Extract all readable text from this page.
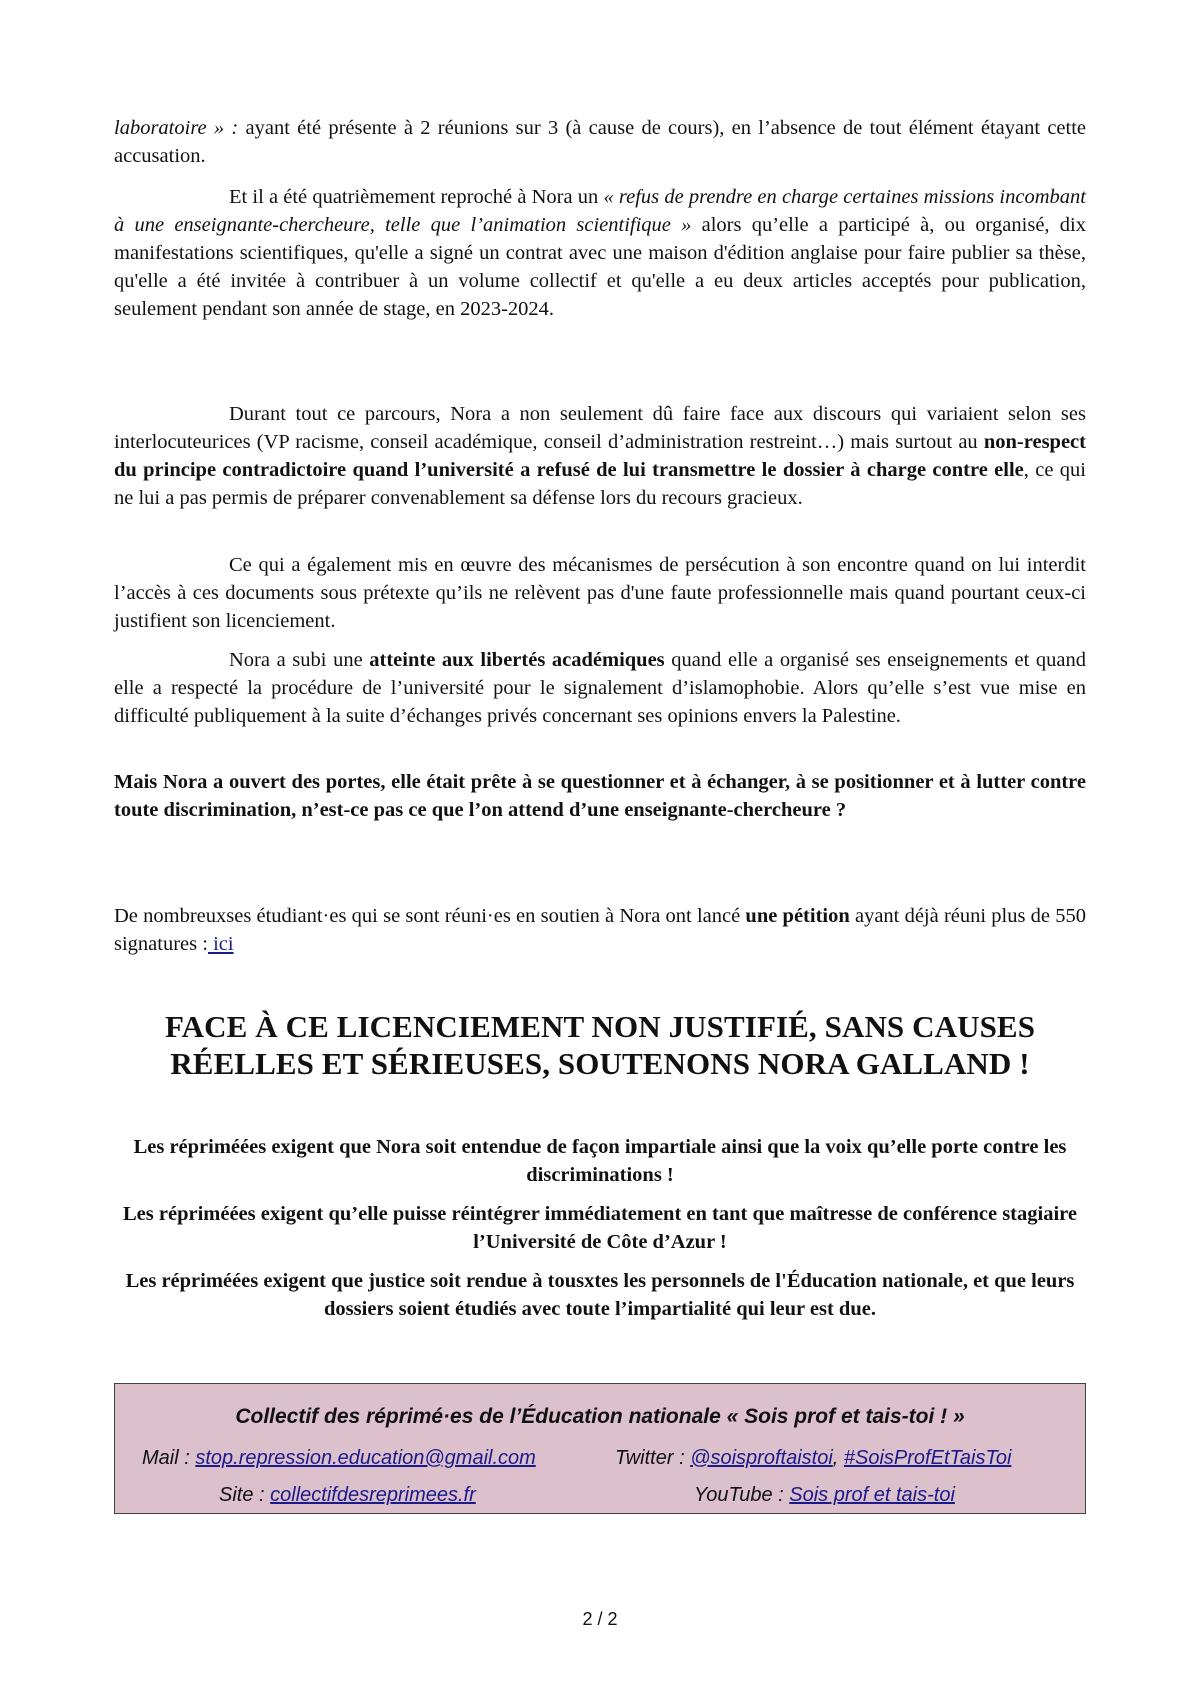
laboratoire » : ayant été présente à 2 réunions sur 3 (à cause de cours), en l’absence de tout élément étayant cette accusation.

Et il a été quatrièmement reproché à Nora un « refus de prendre en charge certaines missions incombant à une enseignante-chercheure, telle que l’animation scientifique » alors qu’elle a participé à, ou organisé, dix manifestations scientifiques, qu'elle a signé un contrat avec une maison d'édition anglaise pour faire publier sa thèse, qu'elle a été invitée à contribuer à un volume collectif et qu'elle a eu deux articles acceptés pour publication, seulement pendant son année de stage, en 2023-2024.

Durant tout ce parcours, Nora a non seulement dû faire face aux discours qui variaient selon ses interlocuteurices (VP racisme, conseil académique, conseil d’administration restreint…) mais surtout au non-respect du principe contradictoire quand l’université a refusé de lui transmettre le dossier à charge contre elle, ce qui ne lui a pas permis de préparer convenablement sa défense lors du recours gracieux.

Ce qui a également mis en œuvre des mécanismes de persécution à son encontre quand on lui interdit l’accès à ces documents sous prétexte qu’ils ne relèvent pas d'une faute professionnelle mais quand pourtant ceux-ci justifient son licenciement.

Nora a subi une atteinte aux libertés académiques quand elle a organisé ses enseignements et quand elle a respecté la procédure de l’université pour le signalement d’islamophobie. Alors qu’elle s’est vue mise en difficulté publiquement à la suite d’échanges privés concernant ses opinions envers la Palestine.

Mais Nora a ouvert des portes, elle était prête à se questionner et à échanger, à se positionner et à lutter contre toute discrimination, n’est-ce pas ce que l’on attend d’une enseignante-chercheure ?

De nombreuxses étudiant·es qui se sont réuni·es en soutien à Nora ont lancé une pétition ayant déjà réuni plus de 550 signatures : ici

FACE À CE LICENCIEMENT NON JUSTIFIÉ, SANS CAUSES
RÉELLES ET SÉRIEUSES, SOUTENONS NORA GALLAND !

Les répriméées exigent que Nora soit entendue de façon impartiale ainsi que la voix qu’elle porte contre les discriminations !

Les répriméées exigent qu’elle puisse réintégrer immédiatement en tant que maîtresse de conférence stagiaire l’Université de Côte d’Azur !

Les répriméées exigent que justice soit rendue à tousxtes les personnels de l'Éducation nationale, et que leurs dossiers soient étudiés avec toute l’impartialité qui leur est due.

Collectif des réprimé·es de l’Éducation nationale « Sois prof et tais-toi ! »
Mail : stop.repression.education@gmail.com	Twitter : @soisproftaistoi, #SoisProfEtTaisToi
Site : collectifdesreprimees.fr	YouTube : Sois prof et tais-toi
2 / 2
